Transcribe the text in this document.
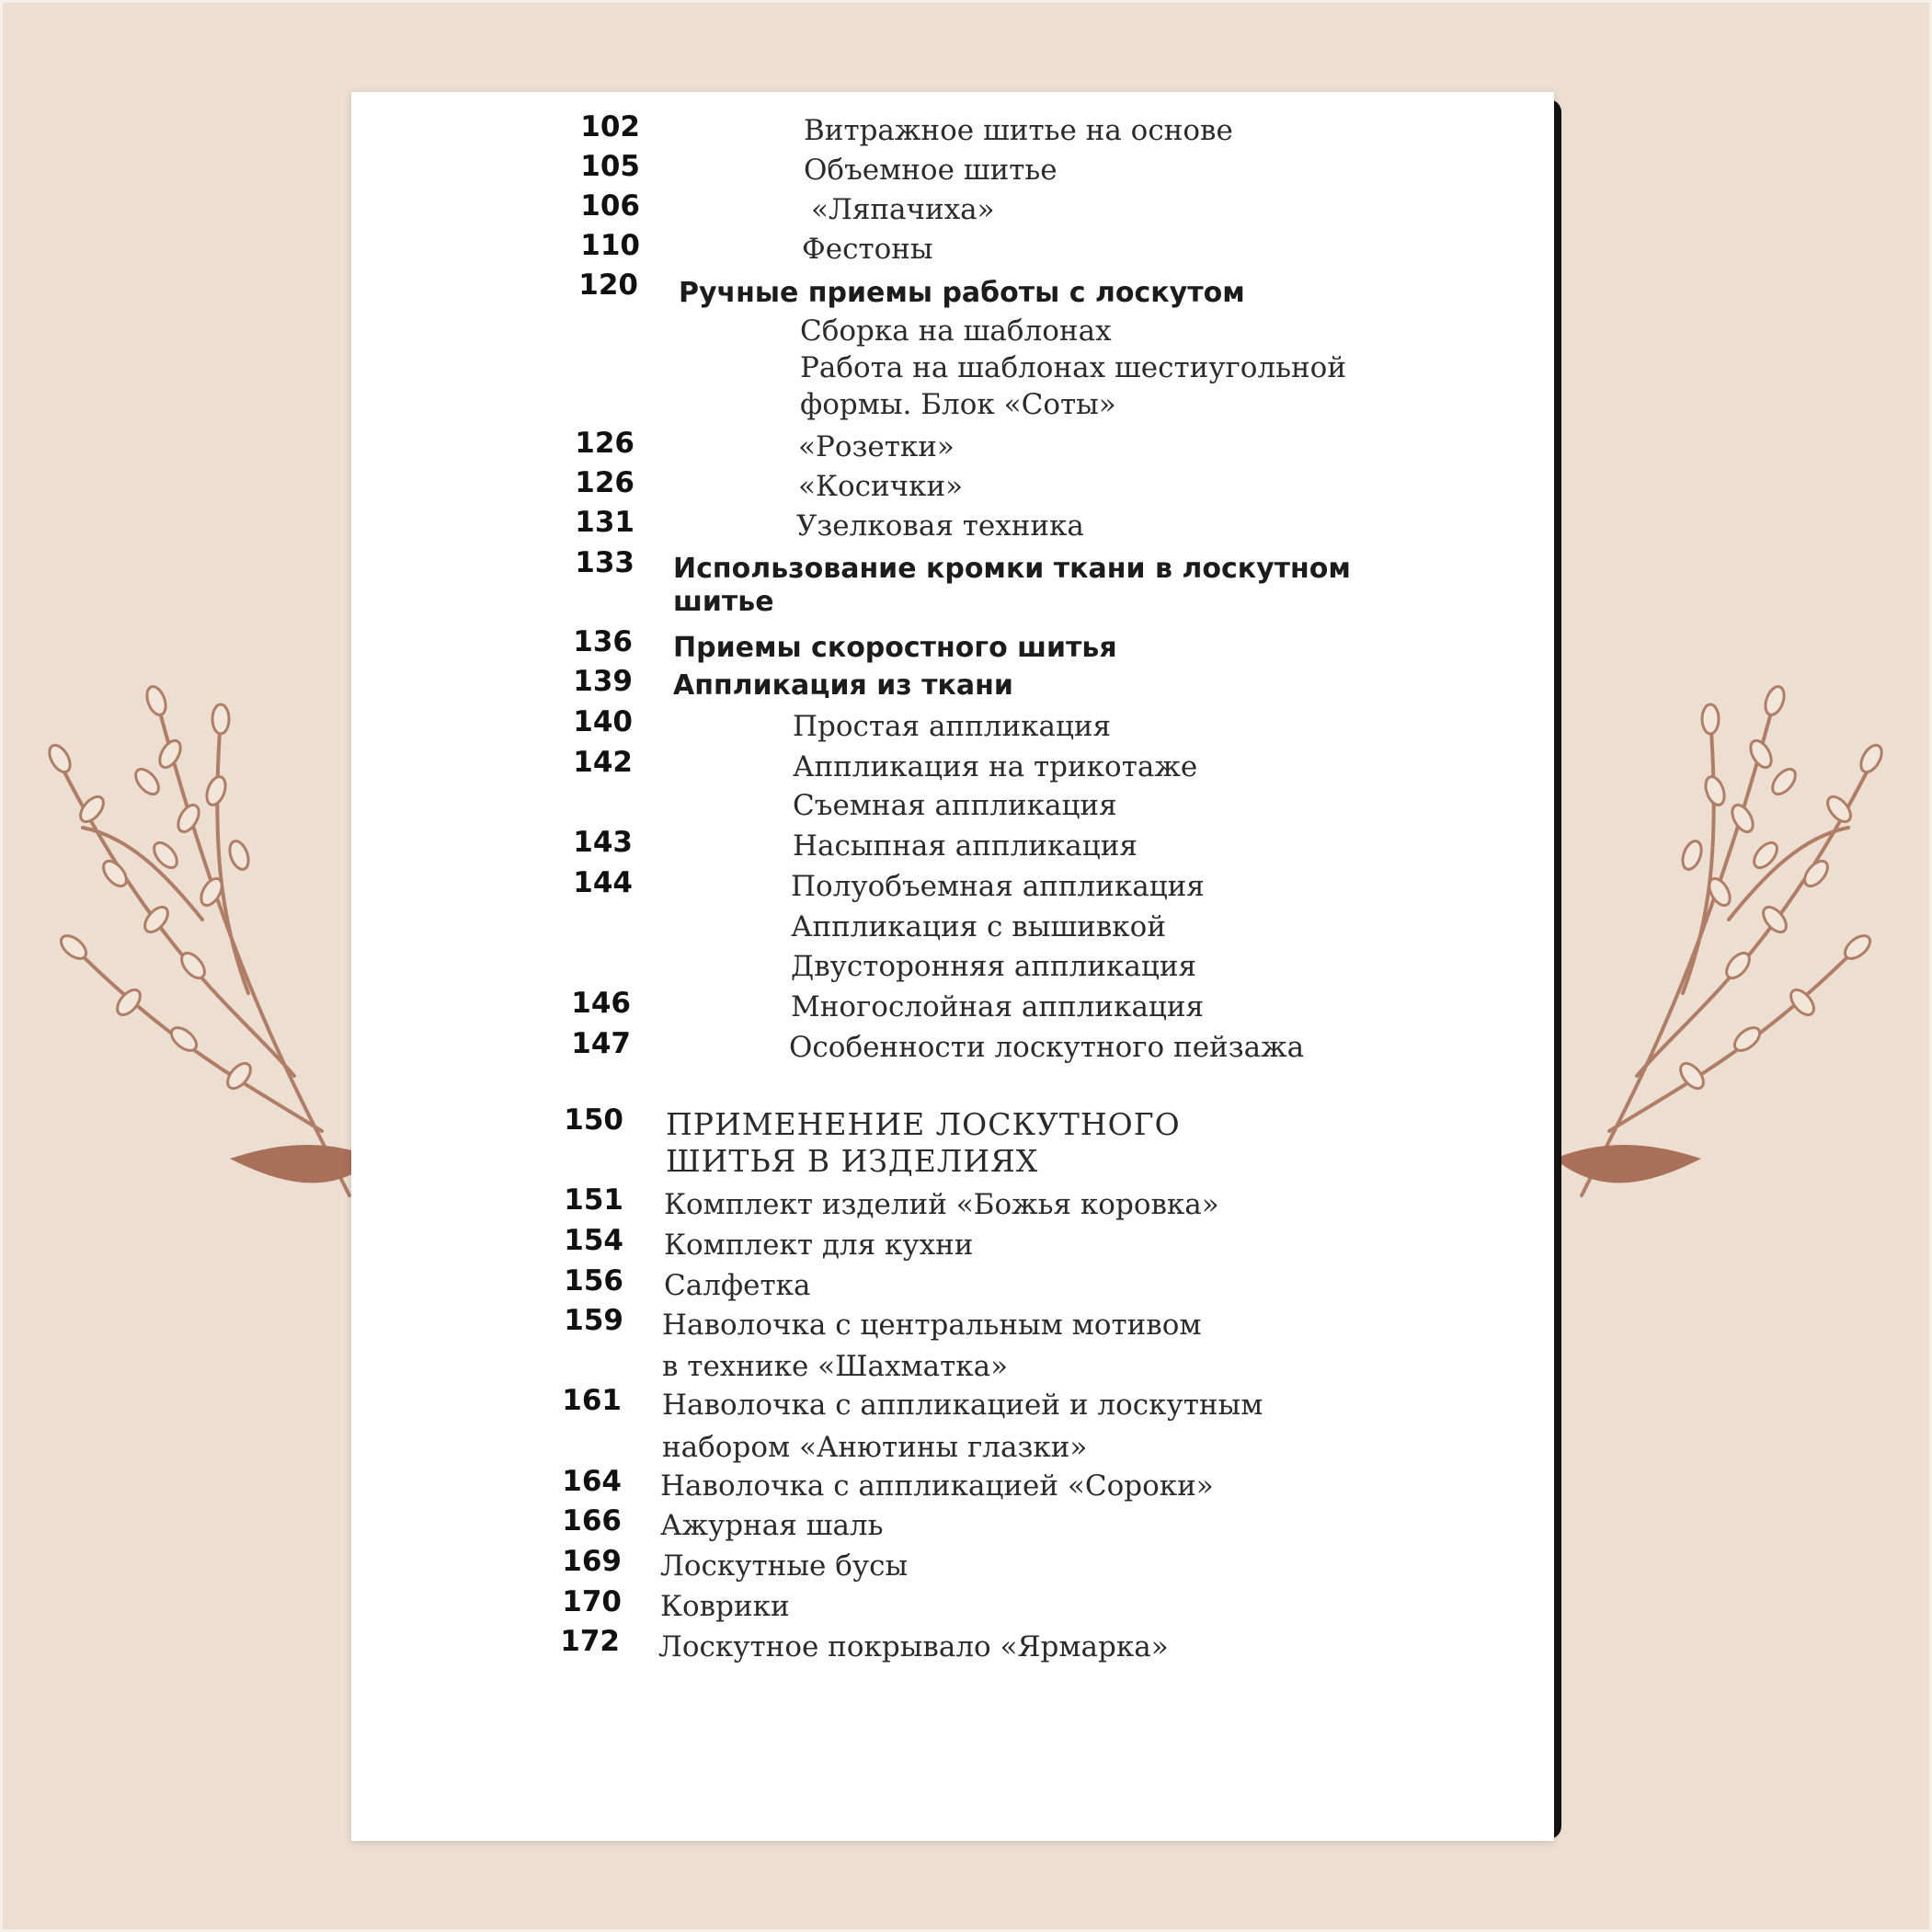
102	Витражное шитье на основе
105	Объемное шитье
106	«Ляпачиха»
110	Фестоны
120 Ручные приемы работы с лоскутом
Сборка на шаблонах
Работа на шаблонах шестиугольной
формы. Блок «Соты»
126	«Розетки»
126	«Косички»
131	Узелковая техника
133 Использование кромки ткани в лоскутном
шитье
136 Приемы скоростного шитья
139 Аппликация из ткани
140	Простая аппликация
142	Аппликация на трикотаже
Съемная аппликация
143	Насыпная аппликация
144	Полуобъемная аппликация
Аппликация с вышивкой
Двусторонняя аппликация
146	Многослойная аппликация
147	Особенности лоскутного пейзажа
150 ПРИМЕНЕНИЕ ЛОСКУТНОГО
ШИТЬЯ В ИЗДЕЛИЯХ
151 Комплект изделий «Божья коровка»
154 Комплект для кухни
156 Салфетка
159 Наволочка с центральным мотивом
в технике «Шахматка»
161 Наволочка с аппликацией и лоскутным
набором «Анютины глазки»
164 Наволочка с аппликацией «Сороки»
166 Ажурная шаль
169 Лоскутные бусы
170 Коврики
172 Лоскутное покрывало «Ярмарка»
